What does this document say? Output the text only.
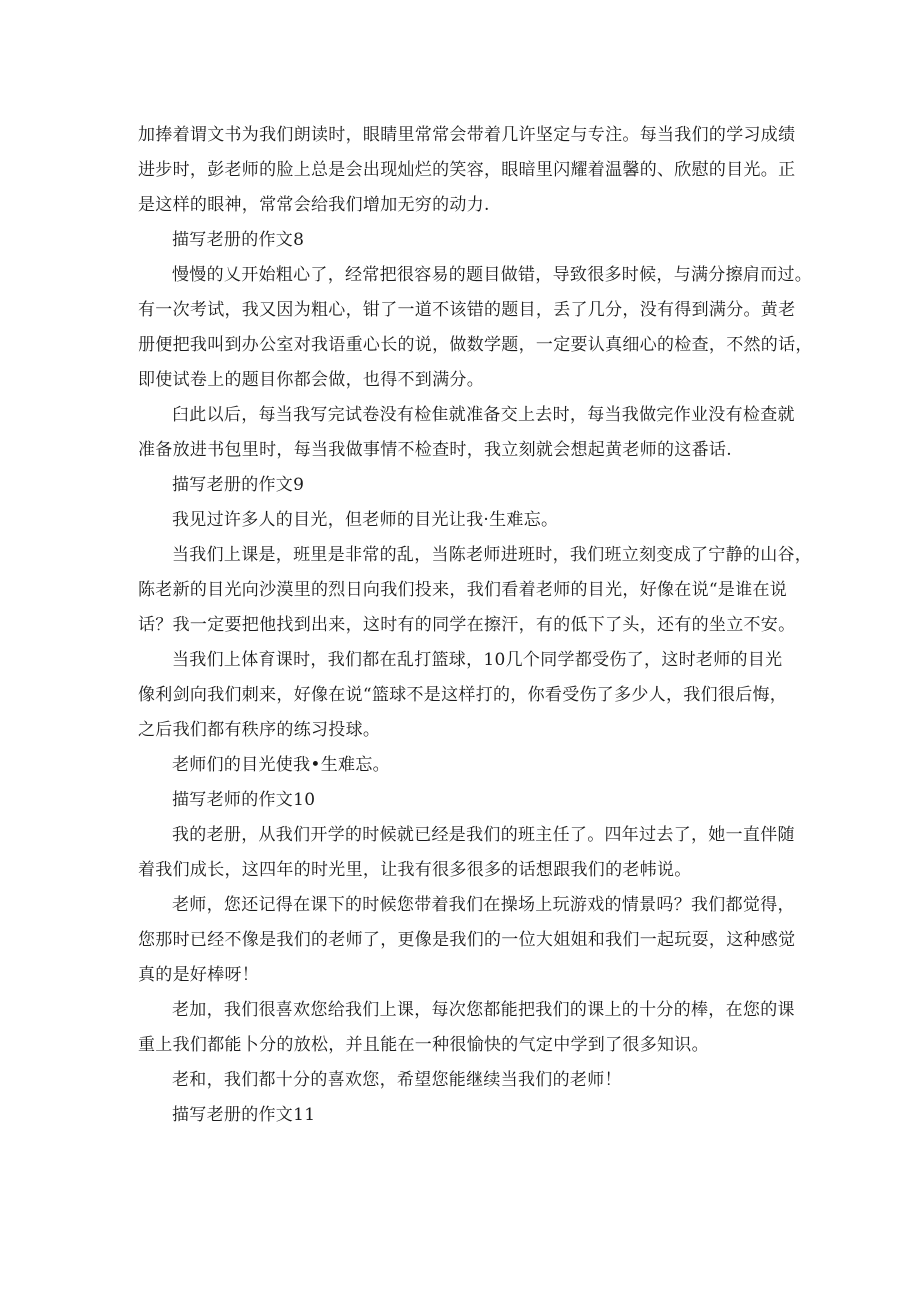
加捧着谓文书为我们朗读时，眼睛里常常会带着几许坚定与专注。每当我们的学习成绩

进步时，彭老师的脸上总是会出现灿烂的笑容，眼暗里闪耀着温馨的、欣慰的目光。正

是这样的眼神，常常会给我们增加无穷的动力.

描写老册的作文8

慢慢的乂开始粗心了，经常把很容易的题目做错，导致很多时候，与满分擦肩而过。

有一次考试，我又因为粗心，钳了一道不该错的题目，丢了几分，没有得到满分。黄老

册便把我叫到办公室对我语重心长的说，做数学题，一定要认真细心的检查，不然的话，

即使试卷上的题目你都会做，也得不到满分。

臼此以后，每当我写完试卷没有检隹就准备交上去时，每当我做完作业没有检查就

准备放进书包里时，每当我做事情不检查时，我立刻就会想起黄老师的这番话.

描写老册的作文9

我见过许多人的目光，但老师的目光让我·生难忘。

当我们上课是，班里是非常的乱，当陈老师进班时，我们班立刻变成了宁静的山谷，

陈老新的目光向沙漠里的烈日向我们投来，我们看着老师的目光，好像在说“是谁在说

话？我一定要把他找到出来，这时有的同学在擦汗，有的低下了头，还有的坐立不安。

当我们上体育课时，我们都在乱打篮球，10几个同学都受伤了，这时老师的目光

像利剑向我们刺来，好像在说“篮球不是这样打的，你看受伤了多少人，我们很后悔，

之后我们都有秩序的练习投球。

老师们的目光使我•生难忘。

描写老师的作文10

我的老册，从我们开学的时候就已经是我们的班主任了。四年过去了，她一直伴随

着我们成长，这四年的时光里，让我有很多很多的话想跟我们的老帏说。

老师，您还记得在课下的时候您带着我们在操场上玩游戏的情景吗？我们都觉得，

您那时已经不像是我们的老师了，更像是我们的一位大姐姐和我们一起玩耍，这种感觉

真的是好棒呀！

老加，我们很喜欢您给我们上课，每次您都能把我们的课上的十分的棒，在您的课

重上我们都能卜分的放松，并且能在一种很愉快的气定中学到了很多知识。

老和，我们都十分的喜欢您，希望您能继续当我们的老师！

描写老册的作文11
